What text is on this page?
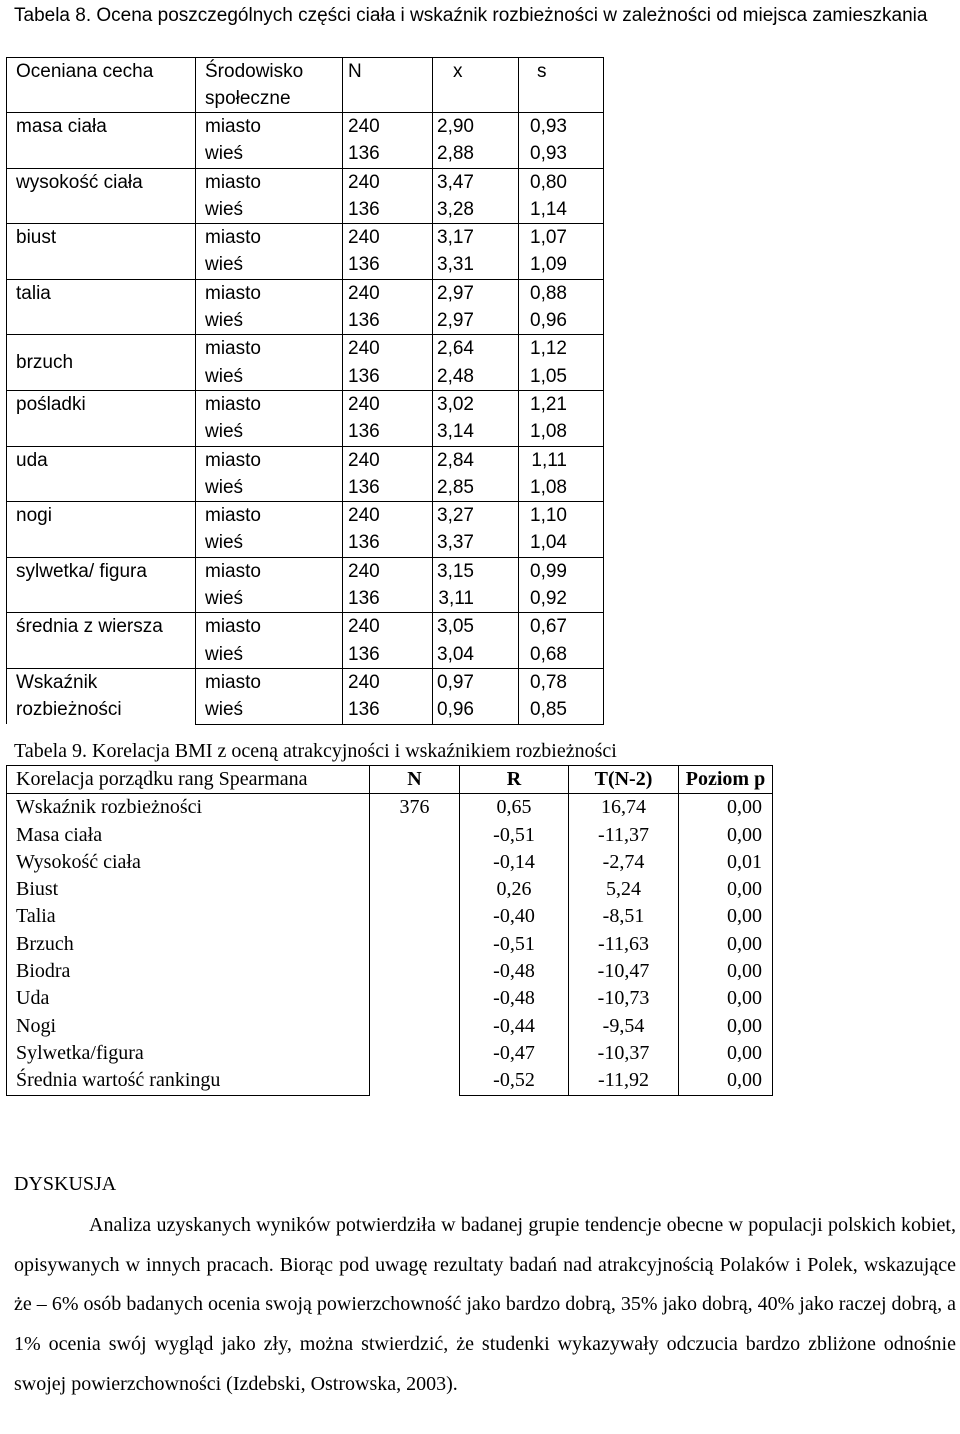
Tabela 8. Ocena poszczególnych części ciała i wskaźnik rozbieżności w zależności od miejsca zamieszkania
Oceniana cecha	Środowisko społeczne	N	x	s
masa ciała	miasto	240	2,90	0,93
	wieś	136	2,88	0,93
wysokość ciała	miasto	240	3,47	0,80
	wieś	136	3,28	1,14
biust	miasto	240	3,17	1,07
	wieś	136	3,31	1,09
talia	miasto	240	2,97	0,88
	wieś	136	2,97	0,96
brzuch	miasto	240	2,64	1,12
	wieś	136	2,48	1,05
pośladki	miasto	240	3,02	1,21
	wieś	136	3,14	1,08
uda	miasto	240	2,84	1,11
	wieś	136	2,85	1,08
nogi	miasto	240	3,27	1,10
	wieś	136	3,37	1,04
sylwetka/ figura	miasto	240	3,15	0,99
	wieś	136	3,11	0,92
średnia z wiersza	miasto	240	3,05	0,67
	wieś	136	3,04	0,68
Wskaźnik rozbieżności	miasto	240	0,97	0,78
	wieś	136	0,96	0,85
Tabela 9. Korelacja BMI z oceną atrakcyjności i wskaźnikiem rozbieżności
Korelacja porządku rang Spearmana	N	R	T(N-2)	Poziom p
Wskaźnik rozbieżności	376	0,65	16,74	0,00
Masa ciała		-0,51	-11,37	0,00
Wysokość ciała		-0,14	-2,74	0,01
Biust		0,26	5,24	0,00
Talia		-0,40	-8,51	0,00
Brzuch		-0,51	-11,63	0,00
Biodra		-0,48	-10,47	0,00
Uda		-0,48	-10,73	0,00
Nogi		-0,44	-9,54	0,00
Sylwetka/figura		-0,47	-10,37	0,00
Średnia wartość rankingu		-0,52	-11,92	0,00
DYSKUSJA

Analiza uzyskanych wyników potwierdziła w badanej grupie tendencje obecne w populacji polskich kobiet, opisywanych w innych pracach. Biorąc pod uwagę rezultaty badań nad atrakcyjnością Polaków i Polek, wskazujące że – 6% osób badanych ocenia swoją powierzchowność jako bardzo dobrą, 35% jako dobrą, 40% jako raczej dobrą, a 1% ocenia swój wygląd jako zły, można stwierdzić, że studenki wykazywały odczucia bardzo zbliżone odnośnie swojej powierzchowności (Izdebski, Ostrowska, 2003).
